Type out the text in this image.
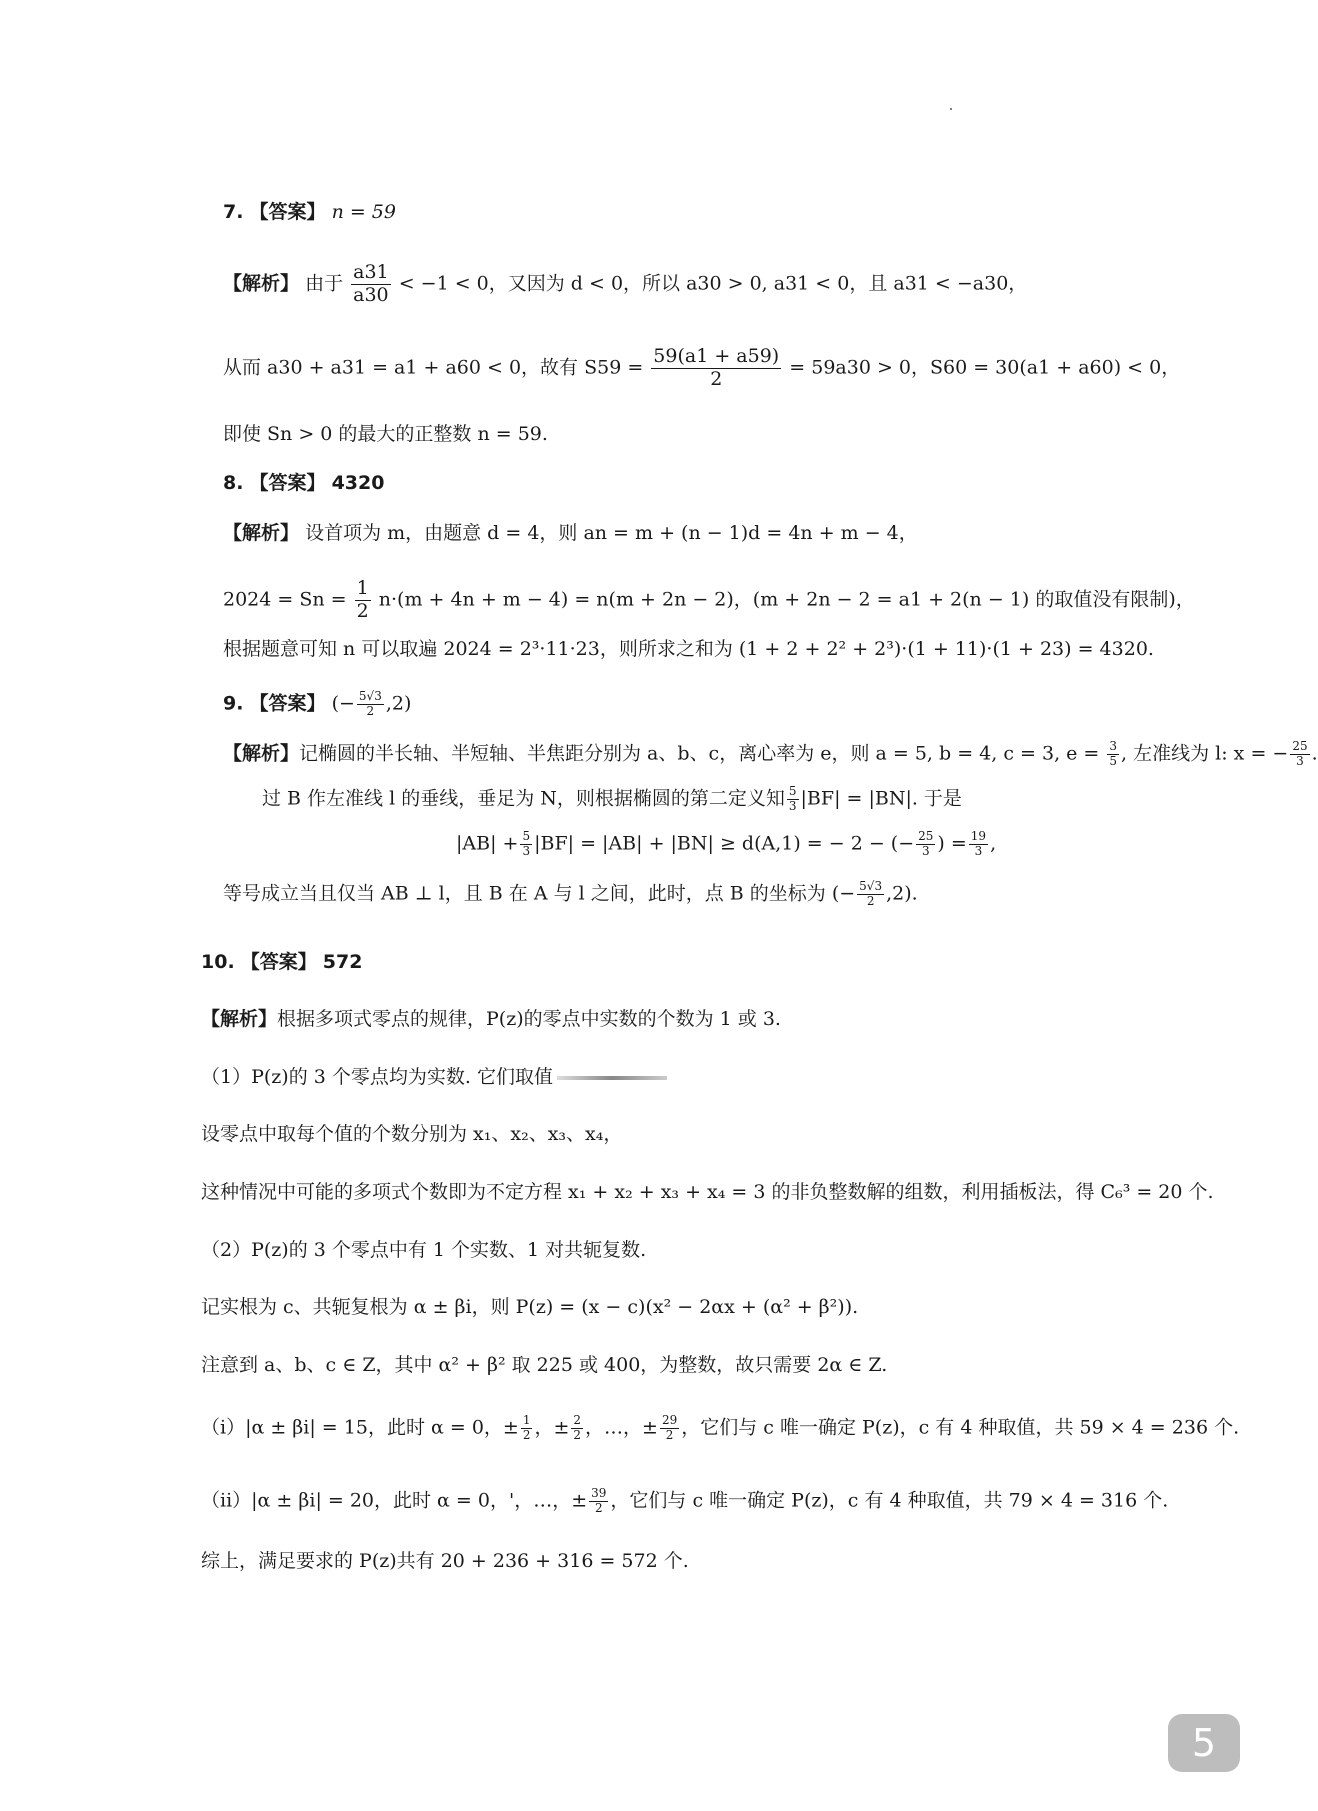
7. 【答案】 n = 59
【解析】 由于 $\frac{a31}{a30} < -1 < 0$，又因为 d < 0，所以 a30 > 0, a31 < 0，且 a31 < −a30，
从而 a30 + a31 = a1 + a60 < 0，故有 $S59 = \frac{59(a1 + a59)}{2} = 59a30 > 0$，S60 = 30(a1 + a60) < 0，
即使 Sn > 0 的最大的正整数 n = 59.
8. 【答案】 4320
【解析】 设首项为 m，由题意 d = 4，则 an = m + (n − 1)d = 4n + m − 4，
$2024 = Sn = \frac{1}{2} n\cdot(m + 4n + m - 4) = n(m + 2n - 2)$，(m + 2n − 2 = a1 + 2(n − 1) 的取值没有限制)，
根据题意可知 n 可以取遍 2024 = 2³·11·23，则所求之和为 (1 + 2 + 2² + 2³)·(1 + 11)·(1 + 23) = 4320.
9. 【答案】 (− $\frac{5√3}{2} ,2$)
【解析】记椭圆的半长轴、半短轴、半焦距分别为 a、b、c，离心率为 e，则 a = 5, b = 4, c = 3, $e = \frac{3}{5}$ , 左准线为 l: x = − $\frac{25}{3}$ .
过 B 作左准线 l 的垂线，垂足为 N，则根据椭圆的第二定义知 $\frac{5}{3} |BF| = |BN|$. 于是
$|AB| + \frac{5}{3} |BF| = |AB| + |BN| \ge d(A,1)$ = − 2 − (− $\frac{25}{3}$ ) = $\frac{19}{3}$ ,
等号成立当且仅当 AB ⊥ l，且 B 在 A 与 l 之间，此时，点 B 的坐标为 (− $\frac{5√3}{2} ,2$).
10. 【答案】 572
【解析】根据多项式零点的规律，P(z)的零点中实数的个数为 1 或 3.
（1）P(z)的 3 个零点均为实数. 它们取值
设零点中取每个值的个数分别为 x₁、x₂、x₃、x₄，
这种情况中可能的多项式个数即为不定方程 x₁ + x₂ + x₃ + x₄ = 3 的非负整数解的组数，利用插板法，得 C₆³ = 20 个.
（2）P(z)的 3 个零点中有 1 个实数、1 对共轭复数.
记实根为 c、共轭复根为 α ± βi，则 P(z) = (x − c)(x² − 2αx + (α² + β²)).
注意到 a、b、c ∈ Z，其中 α² + β² 取 225 或 400，为整数，故只需要 2α ∈ Z.
（i）|α ± βi| = 15，此时 α = 0，± $\frac{1}{2}$ ，± $\frac{2}{2}$ ，…，± $\frac{29}{2}$ ，它们与 c 唯一确定 P(z)，c 有 4 种取值，共 59 × 4 = 236 个.
（ii）|α ± βi| = 20，此时 α = 0，'，…，± $\frac{39}{2}$ ，它们与 c 唯一确定 P(z)，c 有 4 种取值，共 79 × 4 = 316 个.
综上，满足要求的 P(z)共有 20 + 236 + 316 = 572 个.
5
